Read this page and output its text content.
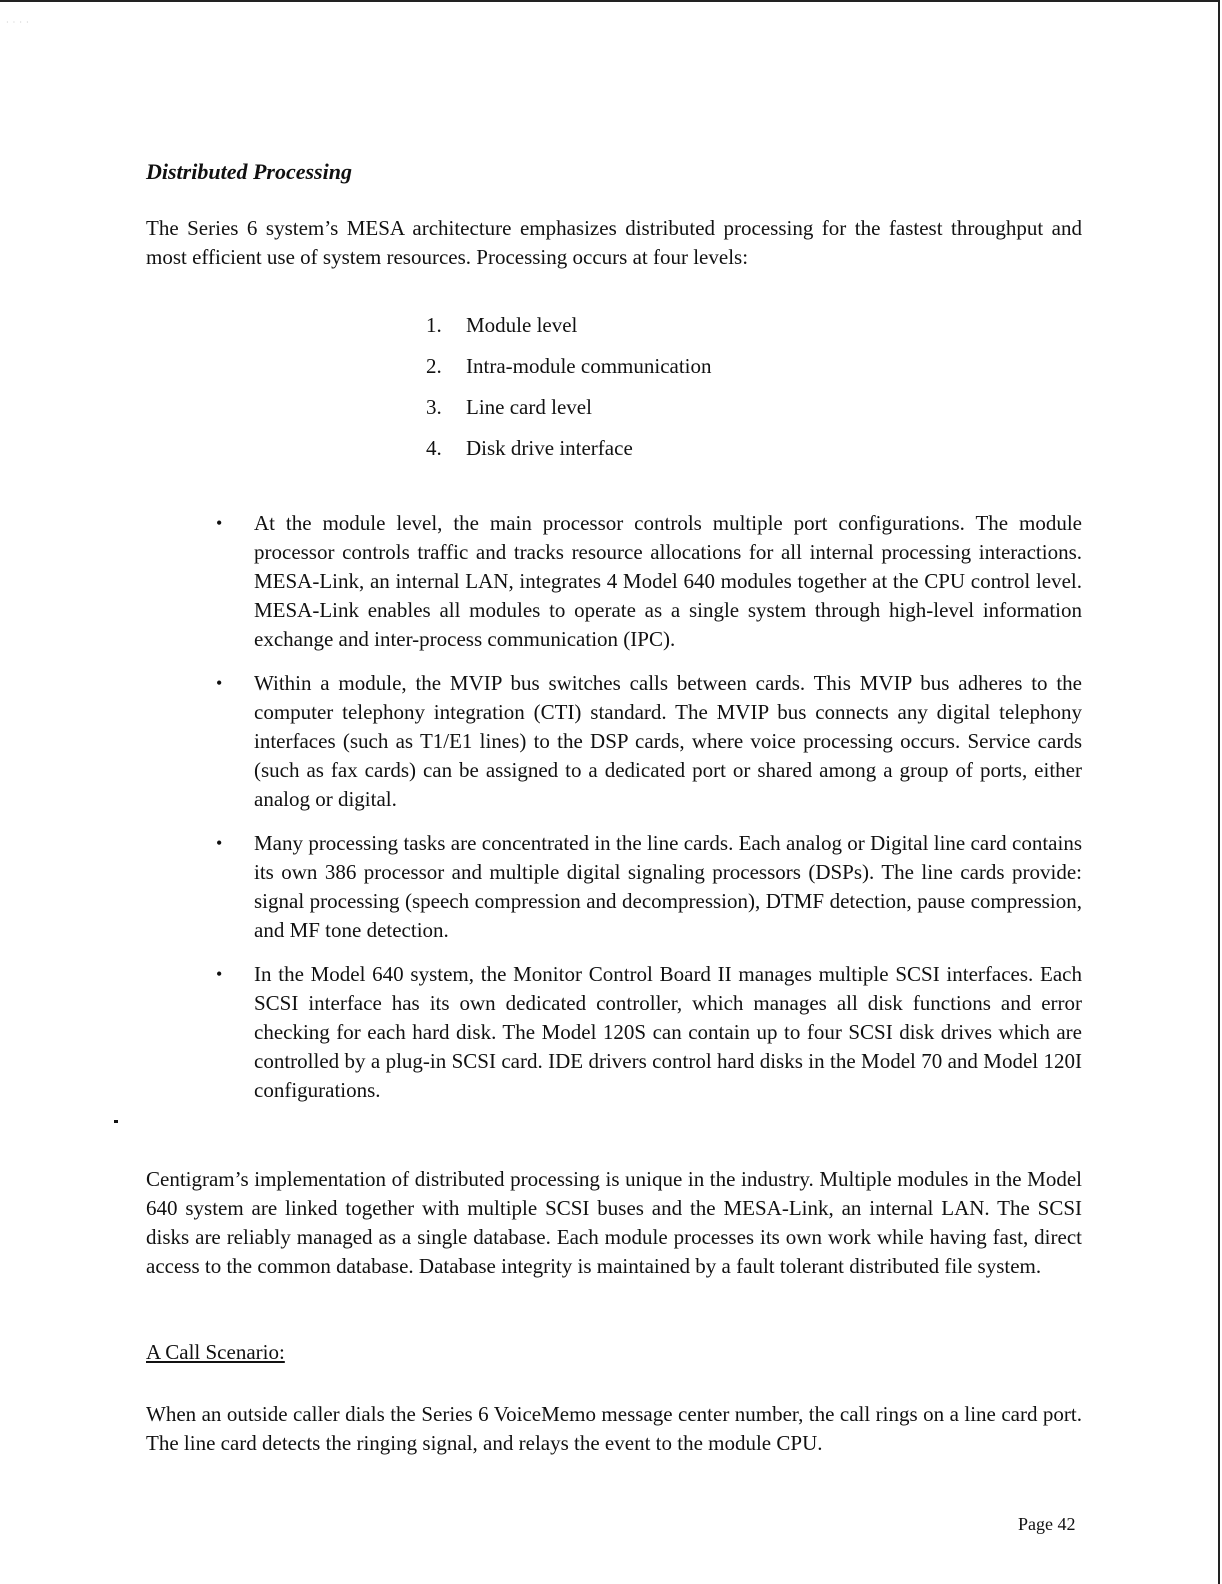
· · · ·
Distributed Processing

The Series 6 system’s MESA architecture emphasizes distributed processing for the fastest throughput and most efficient use of system resources. Processing occurs at four levels:

1.	Module level
2.	Intra-module communication
3.	Line card level
4.	Disk drive interface
•	At the module level, the main processor controls multiple port configurations. The module processor controls traffic and tracks resource allocations for all internal processing interactions. MESA-Link, an internal LAN, integrates 4 Model 640 modules together at the CPU control level. MESA-Link enables all modules to operate as a single system through high-level information exchange and inter-process communication (IPC).
•	Within a module, the MVIP bus switches calls between cards. This MVIP bus adheres to the computer telephony integration (CTI) standard. The MVIP bus connects any digital telephony interfaces (such as T1/E1 lines) to the DSP cards, where voice processing occurs. Service cards (such as fax cards) can be assigned to a dedicated port or shared among a group of ports, either analog or digital.
•	Many processing tasks are concentrated in the line cards. Each analog or Digital line card contains its own 386 processor and multiple digital signaling processors (DSPs). The line cards provide: signal processing (speech compression and decompression), DTMF detection, pause compression, and MF tone detection.
•	In the Model 640 system, the Monitor Control Board II manages multiple SCSI interfaces. Each SCSI interface has its own dedicated controller, which manages all disk functions and error checking for each hard disk. The Model 120S can contain up to four SCSI disk drives which are controlled by a plug-in SCSI card. IDE drivers control hard disks in the Model 70 and Model 120I configurations.

Centigram’s implementation of distributed processing is unique in the industry. Multiple modules in the Model 640 system are linked together with multiple SCSI buses and the MESA-Link, an internal LAN. The SCSI disks are reliably managed as a single database. Each module processes its own work while having fast, direct access to the common database. Database integrity is maintained by a fault tolerant distributed file system.

A Call Scenario:

When an outside caller dials the Series 6 VoiceMemo message center number, the call rings on a line card port. The line card detects the ringing signal, and relays the event to the module CPU.

Page 42
